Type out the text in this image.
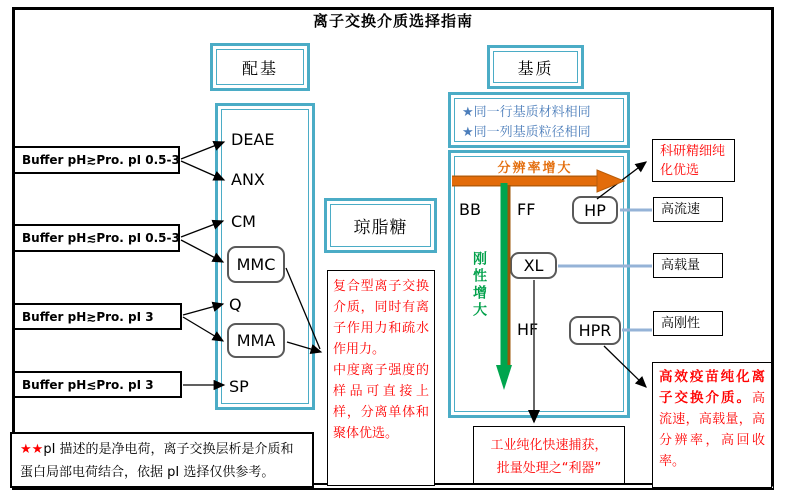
离子交换介质选择指南
配基
DEAE
ANX
CM
MMC
Q
MMA
SP
Buffer pH≳Pro. pI 0.5-3
Buffer pH≲Pro. pI 0.5-3
Buffer pH≳Pro. pI 3
Buffer pH≲Pro. pI 3
琼脂糖
复合型离子交换介质，同时有离子作用力和疏水作用力。
中度离子强度的样品可直接上样，分离单体和聚体优选。
基质
★同一行基质材料相同
★同一列基质粒径相同
分辨率增大
刚性增大
BB FF	HP
XL
HF	HPR
科研精细纯化优选
高流速
高载量
高刚性
高效疫苗纯化离子交换介质。高流速，高载量，高分辨率，高回收率。
工业纯化快速捕获，
批量处理之“利器”
★★pI 描述的是净电荷，离子交换层析是介质和蛋白局部电荷结合，依据 pI 选择仅供参考。
